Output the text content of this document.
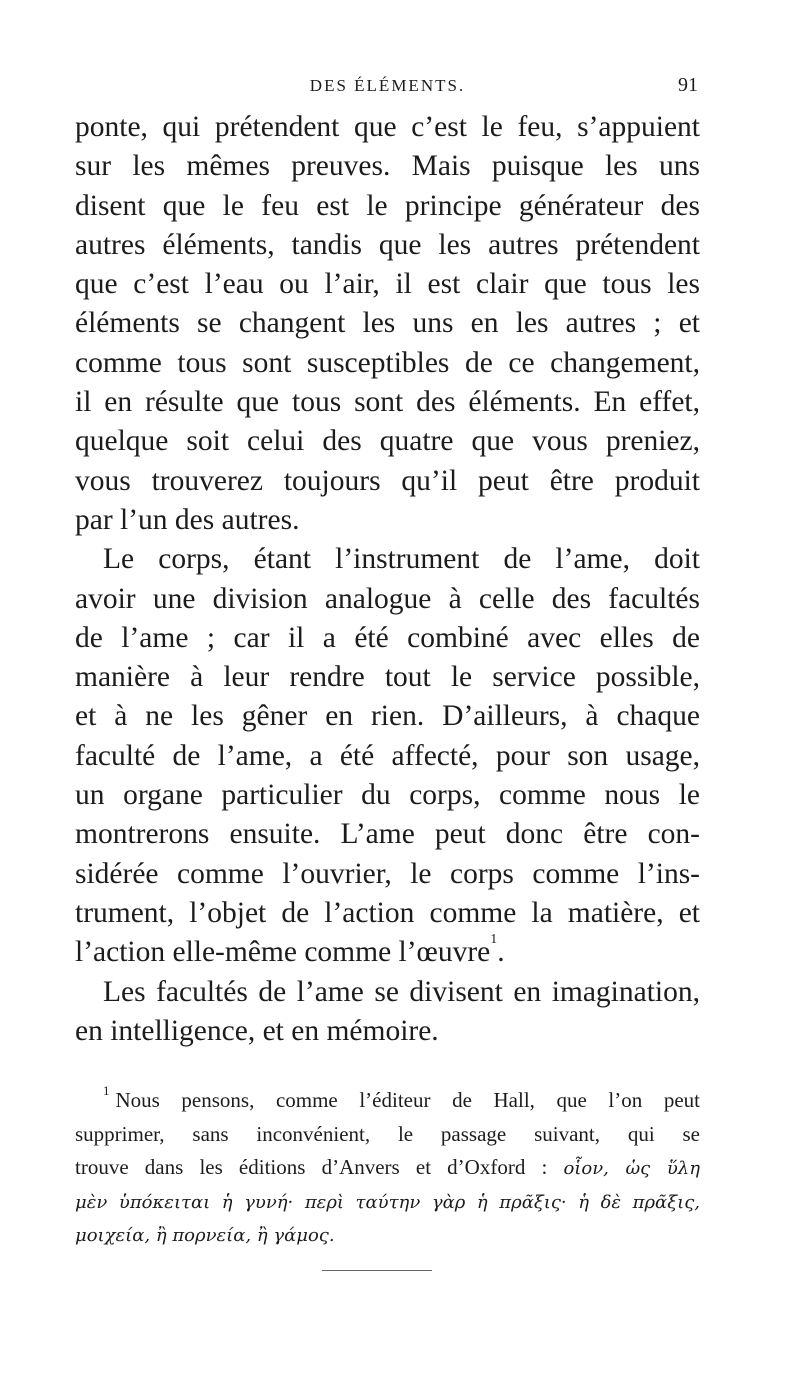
DES ÉLÉMENTS.	91
ponte, qui prétendent que c’est le feu, s’appuient
sur les mêmes preuves. Mais puisque les uns
disent que le feu est le principe générateur des
autres éléments, tandis que les autres prétendent
que c’est l’eau ou l’air, il est clair que tous les
éléments se changent les uns en les autres ; et
comme tous sont susceptibles de ce changement,
il en résulte que tous sont des éléments. En effet,
quelque soit celui des quatre que vous preniez,
vous trouverez toujours qu’il peut être produit
par l’un des autres.
Le corps, étant l’instrument de l’ame, doit
avoir une division analogue à celle des facultés
de l’ame ; car il a été combiné avec elles de
manière à leur rendre tout le service possible,
et à ne les gêner en rien. D’ailleurs, à chaque
faculté de l’ame, a été affecté, pour son usage,
un organe particulier du corps, comme nous le
montrerons ensuite. L’ame peut donc être con-
sidérée comme l’ouvrier, le corps comme l’ins-
trument, l’objet de l’action comme la matière, et
l’action elle-même comme l’œuvre$^1$.
Les facultés de l’ame se divisent en imagination,
en intelligence, et en mémoire.
$^1$ Nous pensons, comme l’éditeur de Hall, que l’on peut
supprimer, sans inconvénient, le passage suivant, qui se
trouve dans les éditions d’Anvers et d’Oxford : οἷον, ὡς ὕλη
μὲν ὑπόκειται ἡ γυνή· περὶ ταύτην γὰρ ἡ πρᾶξις· ἡ δὲ πρᾶξις,
μοιχεία, ἢ πορνεία, ἢ γάμος.
